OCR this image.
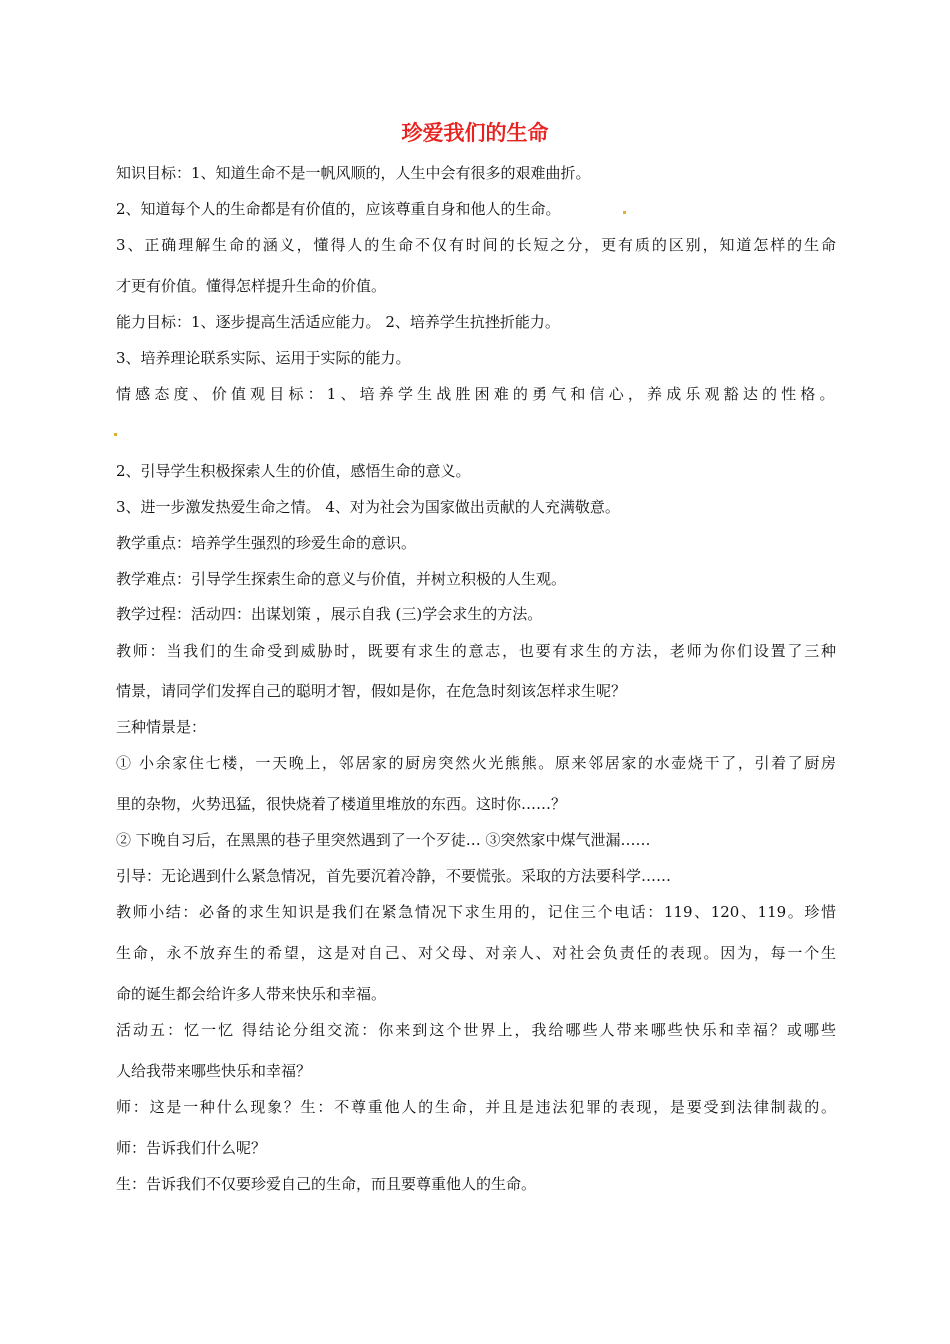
珍爱我们的生命
知识目标：1、知道生命不是一帆风顺的，人生中会有很多的艰难曲折。
2、知道每个人的生命都是有价值的，应该尊重自身和他人的生命。
3、正确理解生命的涵义，懂得人的生命不仅有时间的长短之分，更有质的区别，知道怎样的生命
才更有价值。懂得怎样提升生命的价值。
能力目标：1、逐步提高生活适应能力。 2、培养学生抗挫折能力。
3、培养理论联系实际、运用于实际的能力。
情感态度、价值观目标：1、培养学生战胜困难的勇气和信心，养成乐观豁达的性格。
2、引导学生积极探索人生的价值，感悟生命的意义。
3、进一步激发热爱生命之情。 4、对为社会为国家做出贡献的人充满敬意。
教学重点：培养学生强烈的珍爱生命的意识。
教学难点：引导学生探索生命的意义与价值，并树立积极的人生观。
教学过程：活动四：出谋划策 ，展示自我 (三)学会求生的方法。
教师：当我们的生命受到威胁时，既要有求生的意志，也要有求生的方法，老师为你们设置了三种
情景，请同学们发挥自己的聪明才智，假如是你，在危急时刻该怎样求生呢？
三种情景是：
① 小余家住七楼，一天晚上，邻居家的厨房突然火光熊熊。原来邻居家的水壶烧干了，引着了厨房
里的杂物，火势迅猛，很快烧着了楼道里堆放的东西。这时你……？
② 下晚自习后，在黑黑的巷子里突然遇到了一个歹徒… ③突然家中煤气泄漏……
引导：无论遇到什么紧急情况，首先要沉着冷静，不要慌张。采取的方法要科学……
教师小结：必备的求生知识是我们在紧急情况下求生用的，记住三个电话：119、120、119。珍惜
生命，永不放弃生的希望，这是对自己、对父母、对亲人、对社会负责任的表现。因为，每一个生
命的诞生都会给许多人带来快乐和幸福。
活动五：忆一忆 得结论分组交流：你来到这个世界上，我给哪些人带来哪些快乐和幸福？或哪些
人给我带来哪些快乐和幸福？
师：这是一种什么现象？生：不尊重他人的生命，并且是违法犯罪的表现，是要受到法律制裁的。
师：告诉我们什么呢？
生：告诉我们不仅要珍爱自己的生命，而且要尊重他人的生命。
